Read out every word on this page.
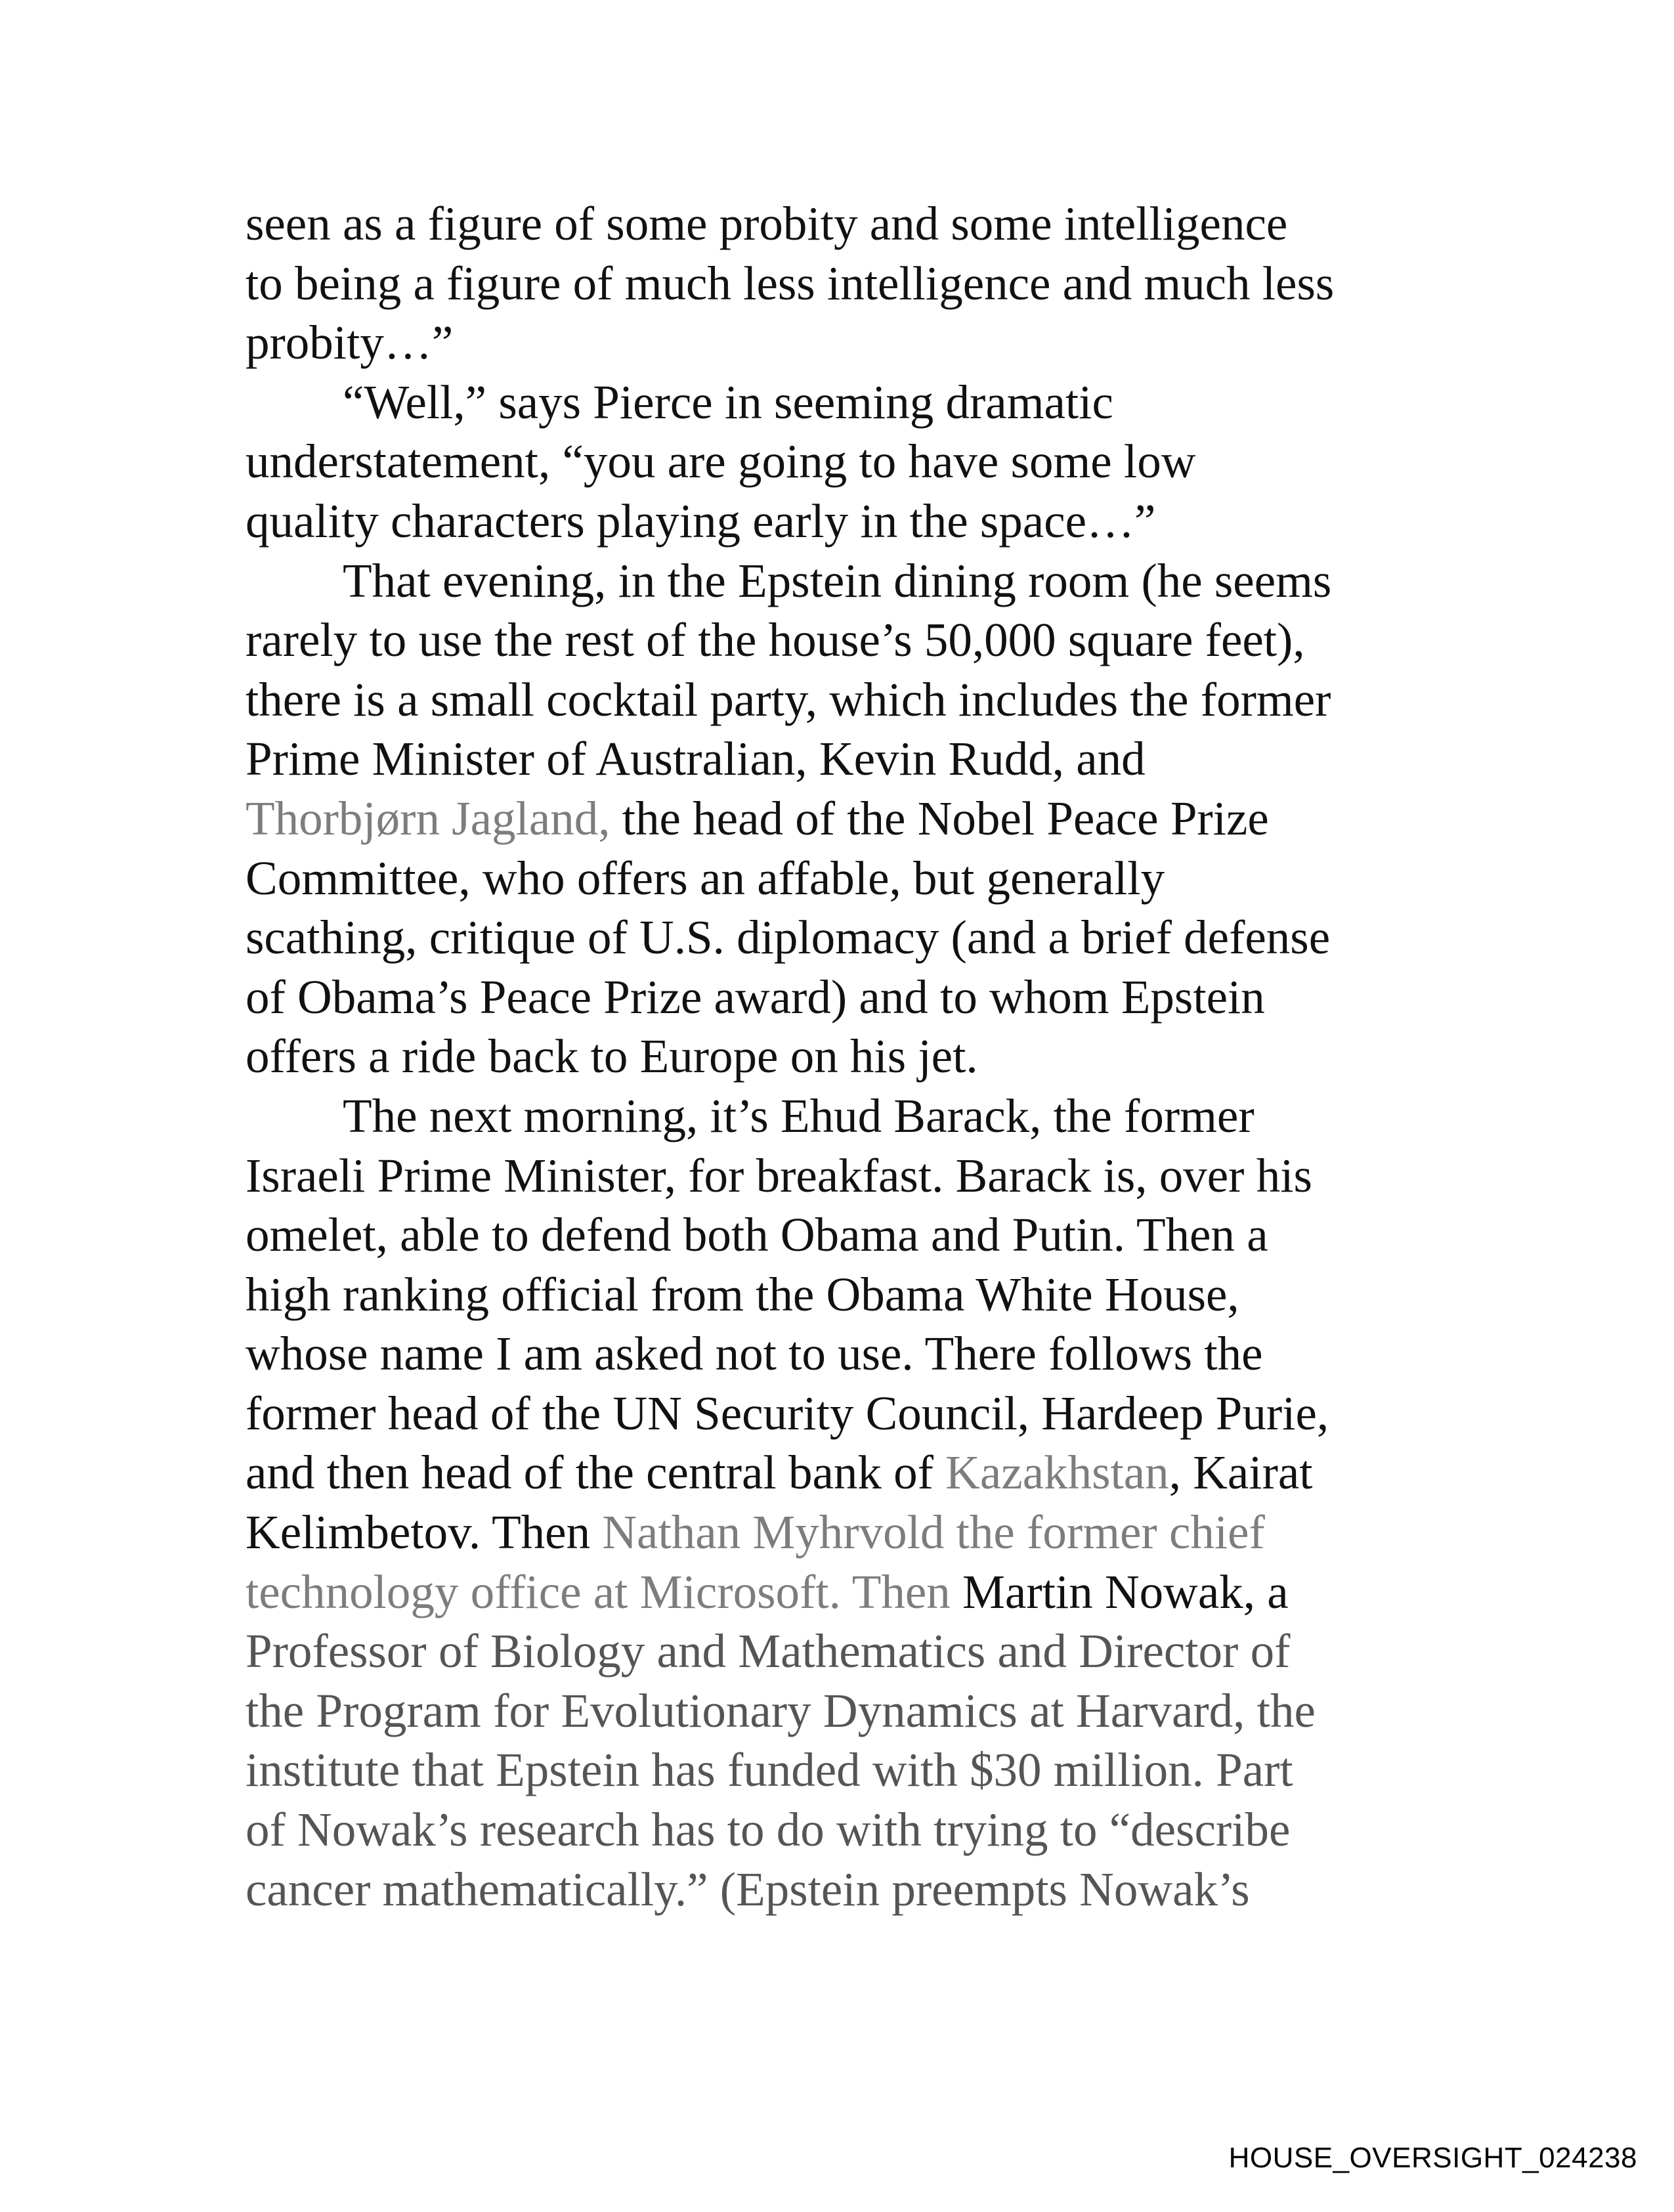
seen as a figure of some probity and some intelligence
to being a figure of much less intelligence and much less
probity…”
“Well,” says Pierce in seeming dramatic
understatement, “you are going to have some low
quality characters playing early in the space…”
That evening, in the Epstein dining room (he seems
rarely to use the rest of the house’s 50,000 square feet),
there is a small cocktail party, which includes the former
Prime Minister of Australian, Kevin Rudd, and
Thorbjørn Jagland, the head of the Nobel Peace Prize
Committee, who offers an affable, but generally
scathing, critique of U.S. diplomacy (and a brief defense
of Obama’s Peace Prize award) and to whom Epstein
offers a ride back to Europe on his jet.
The next morning, it’s Ehud Barack, the former
Israeli Prime Minister, for breakfast. Barack is, over his
omelet, able to defend both Obama and Putin. Then a
high ranking official from the Obama White House,
whose name I am asked not to use. There follows the
former head of the UN Security Council, Hardeep Purie,
and then head of the central bank of Kazakhstan, Kairat
Kelimbetov. Then Nathan Myhrvold the former chief
technology office at Microsoft. Then Martin Nowak, a
Professor of Biology and Mathematics and Director of
the Program for Evolutionary Dynamics at Harvard, the
institute that Epstein has funded with $30 million. Part
of Nowak’s research has to do with trying to “describe
cancer mathematically.” (Epstein preempts Nowak’s
HOUSE_OVERSIGHT_024238
